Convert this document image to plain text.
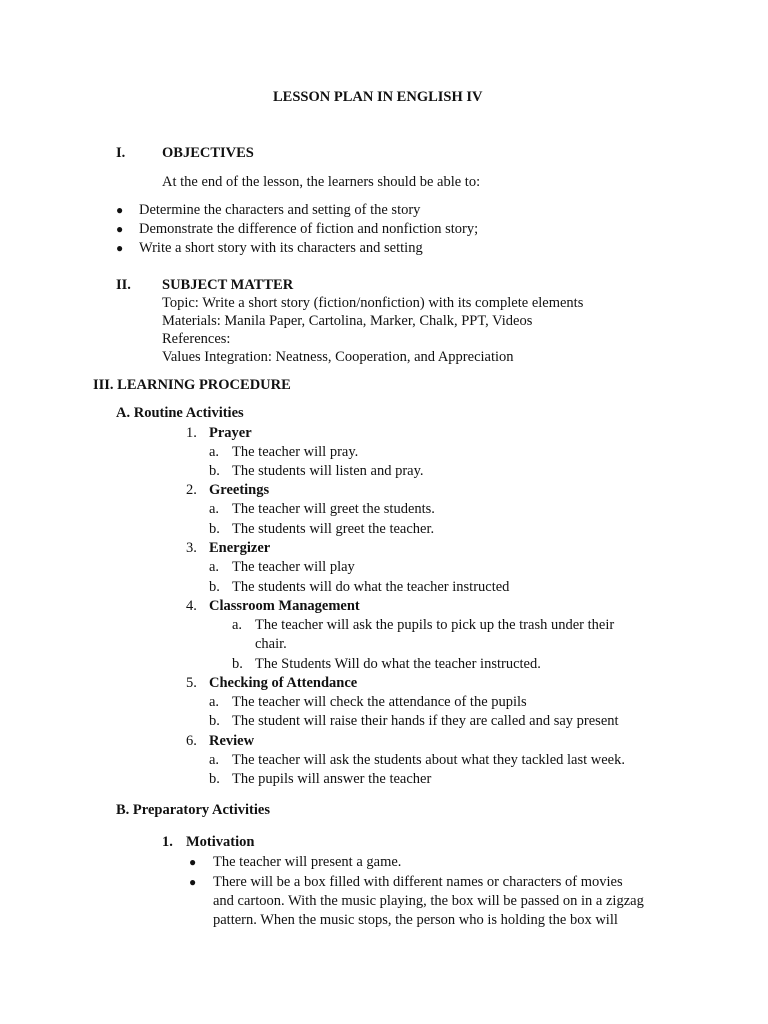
LESSON PLAN IN ENGLISH IV
I.	OBJECTIVES
At the end of the lesson, the learners should be able to:
● Determine the characters and setting of the story
● Demonstrate the difference of fiction and nonfiction story;
● Write a short story with its characters and setting
II. SUBJECT MATTER
Topic: Write a short story (fiction/nonfiction) with its complete elements
Materials: Manila Paper, Cartolina, Marker, Chalk, PPT, Videos
References:
Values Integration: Neatness, Cooperation, and Appreciation
III. LEARNING PROCEDURE
A. Routine Activities
1. Prayer
a. The teacher will pray.
b. The students will listen and pray.
2. Greetings
a. The teacher will greet the students.
b. The students will greet the teacher.
3. Energizer
a. The teacher will play
b. The students will do what the teacher instructed
4. Classroom Management
a. The teacher will ask the pupils to pick up the trash under their
chair.
b. The Students Will do what the teacher instructed.
5. Checking of Attendance
a. The teacher will check the attendance of the pupils
b. The student will raise their hands if they are called and say present
6. Review
a. The teacher will ask the students about what they tackled last week.
b. The pupils will answer the teacher
B. Preparatory Activities
1. Motivation
● The teacher will present a game.
● There will be a box filled with different names or characters of movies
and cartoon. With the music playing, the box will be passed on in a zigzag
pattern. When the music stops, the person who is holding the box will
